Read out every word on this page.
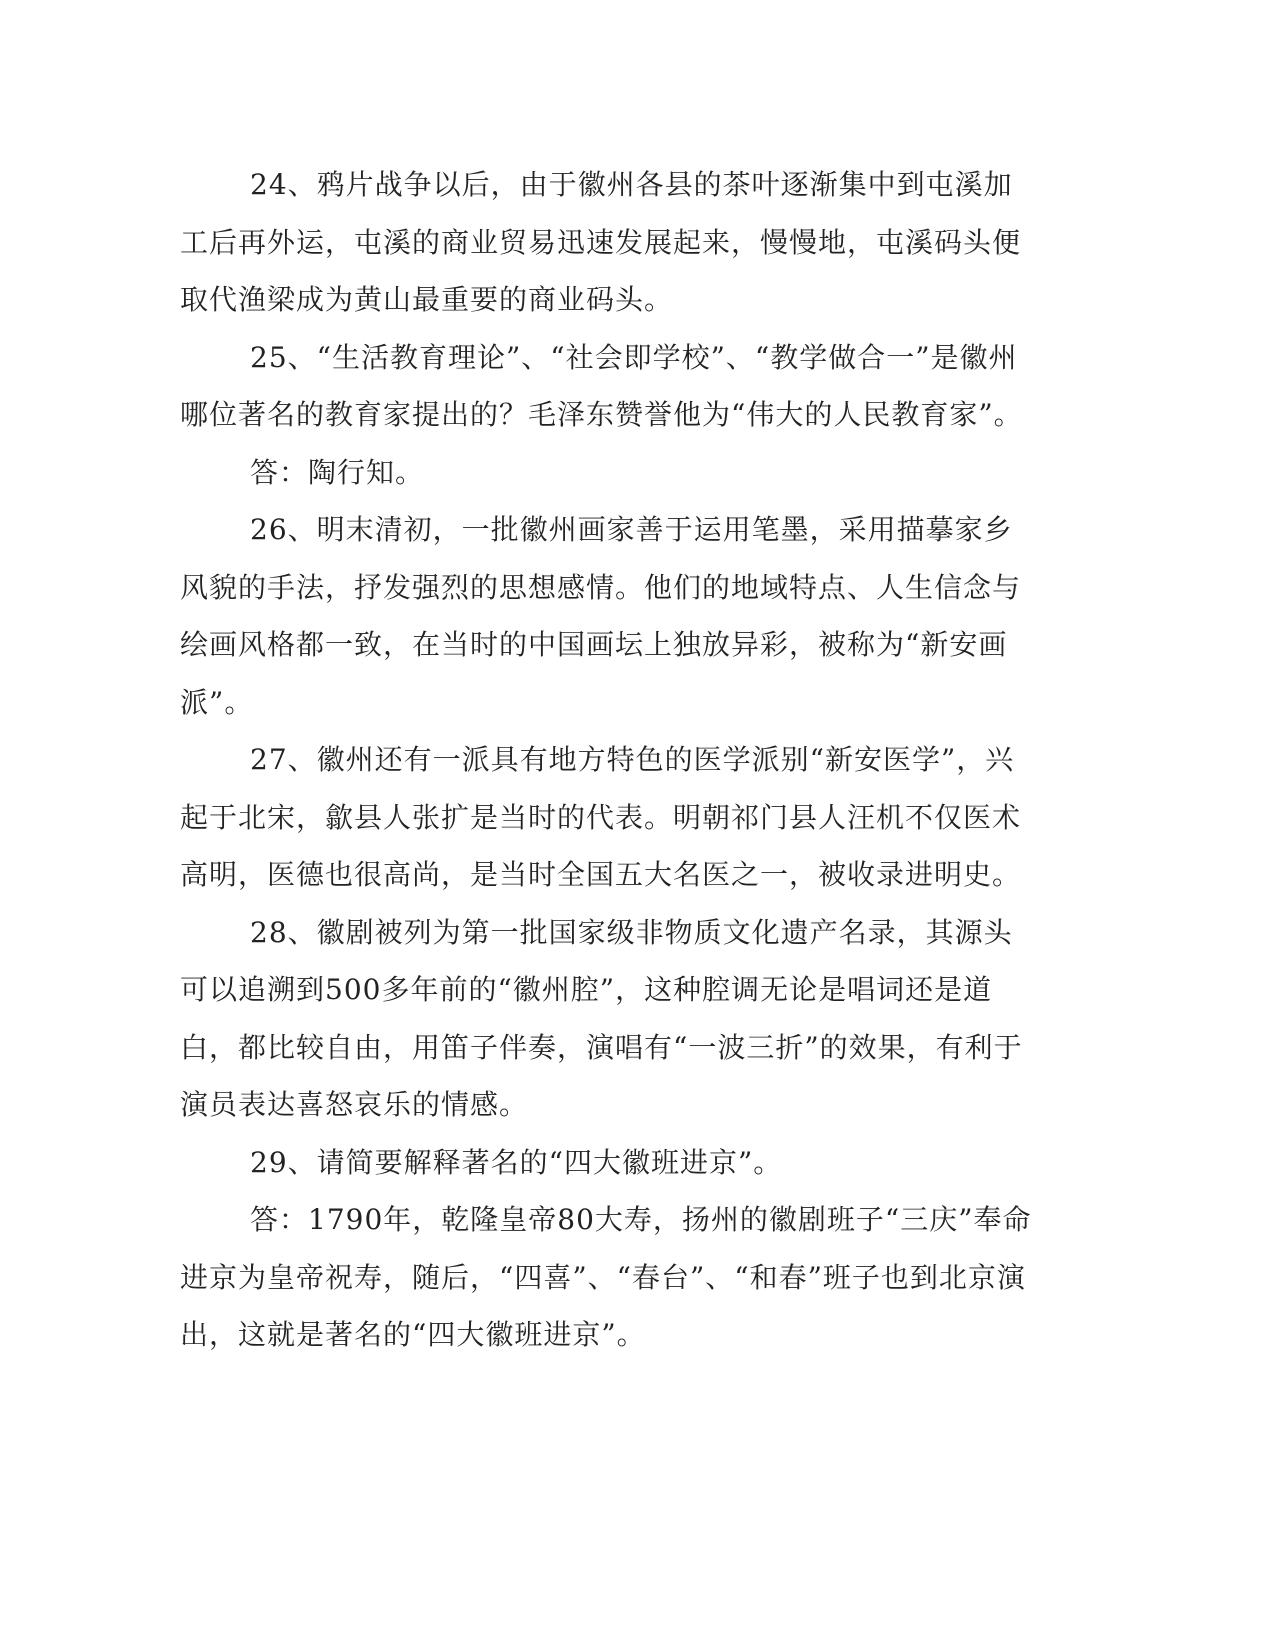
24、鸦片战争以后，由于徽州各县的茶叶逐渐集中到屯溪加工后再外运，屯溪的商业贸易迅速发展起来，慢慢地，屯溪码头便取代渔梁成为黄山最重要的商业码头。

25、“生活教育理论”、“社会即学校”、“教学做合一”是徽州哪位著名的教育家提出的？毛泽东赞誉他为“伟大的人民教育家”。

答：陶行知。

26、明末清初，一批徽州画家善于运用笔墨，采用描摹家乡风貌的手法，抒发强烈的思想感情。他们的地域特点、人生信念与绘画风格都一致，在当时的中国画坛上独放异彩，被称为“新安画派”。

27、徽州还有一派具有地方特色的医学派别“新安医学”，兴起于北宋，歙县人张扩是当时的代表。明朝祁门县人汪机不仅医术高明，医德也很高尚，是当时全国五大名医之一，被收录进明史。

28、徽剧被列为第一批国家级非物质文化遗产名录，其源头可以追溯到500多年前的“徽州腔”，这种腔调无论是唱词还是道白，都比较自由，用笛子伴奏，演唱有“一波三折”的效果，有利于演员表达喜怒哀乐的情感。

29、请简要解释著名的“四大徽班进京”。

答：1790年，乾隆皇帝80大寿，扬州的徽剧班子“三庆”奉命进京为皇帝祝寿，随后，“四喜”、“春台”、“和春”班子也到北京演出，这就是著名的“四大徽班进京”。
